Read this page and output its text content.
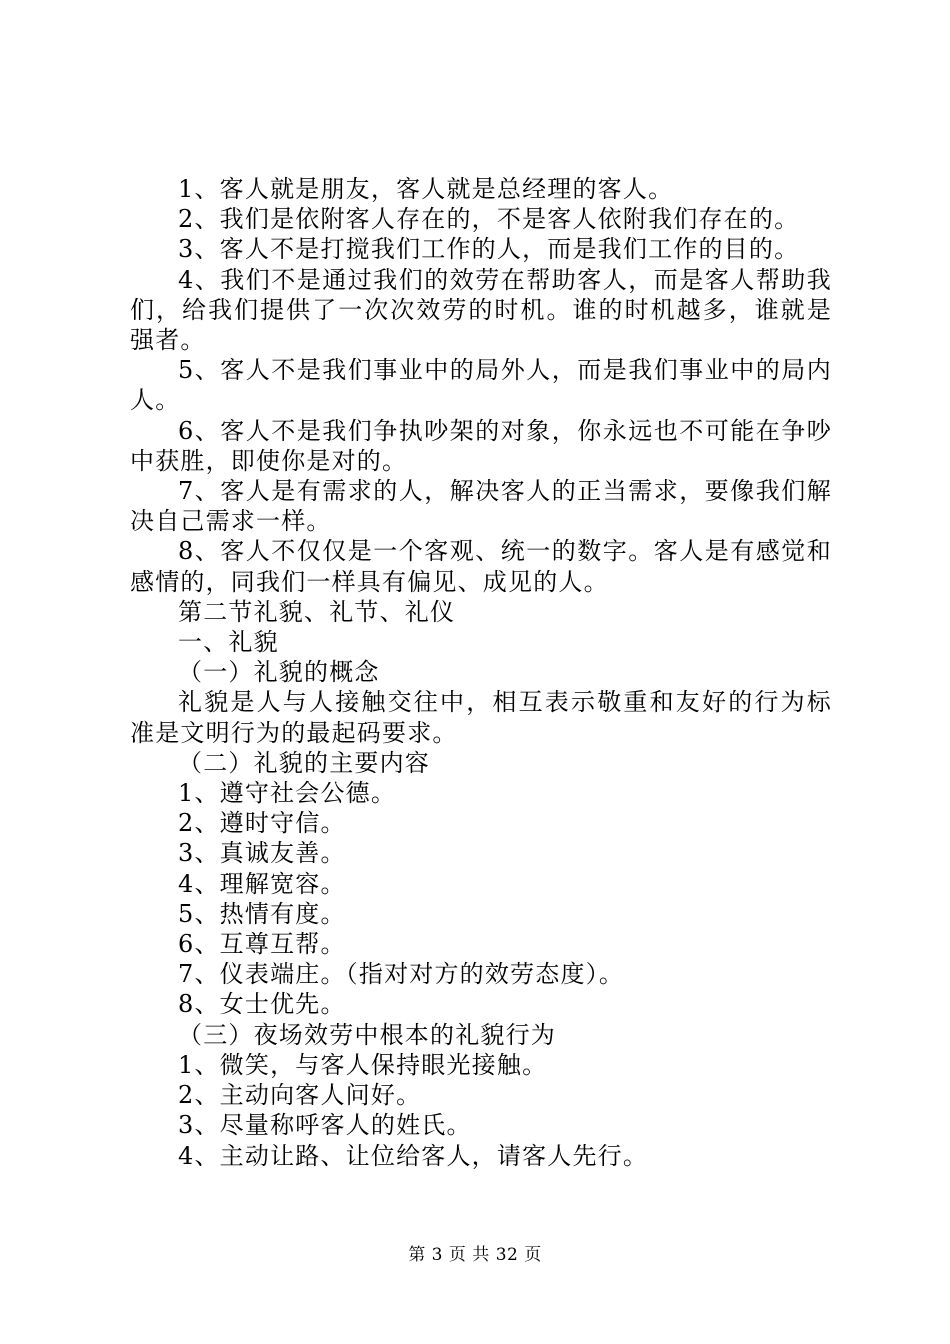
1、客人就是朋友，客人就是总经理的客人。

2、我们是依附客人存在的，不是客人依附我们存在的。

3、客人不是打搅我们工作的人，而是我们工作的目的。

4、我们不是通过我们的效劳在帮助客人，而是客人帮助我们，给我们提供了一次次效劳的时机。谁的时机越多，谁就是强者。

5、客人不是我们事业中的局外人，而是我们事业中的局内人。

6、客人不是我们争执吵架的对象，你永远也不可能在争吵中获胜，即使你是对的。

7、客人是有需求的人，解决客人的正当需求，要像我们解决自己需求一样。

8、客人不仅仅是一个客观、统一的数字。客人是有感觉和感情的，同我们一样具有偏见、成见的人。

第二节礼貌、礼节、礼仪

一、礼貌

（一）礼貌的概念

礼貌是人与人接触交往中，相互表示敬重和友好的行为标准是文明行为的最起码要求。

（二）礼貌的主要内容

1、遵守社会公德。

2、遵时守信。

3、真诚友善。

4、理解宽容。

5、热情有度。

6、互尊互帮。

7、仪表端庄。（指对对方的效劳态度）。

8、女士优先。

（三）夜场效劳中根本的礼貌行为

1、微笑，与客人保持眼光接触。

2、主动向客人问好。

3、尽量称呼客人的姓氏。

4、主动让路、让位给客人，请客人先行。

第 3 页 共 32 页
